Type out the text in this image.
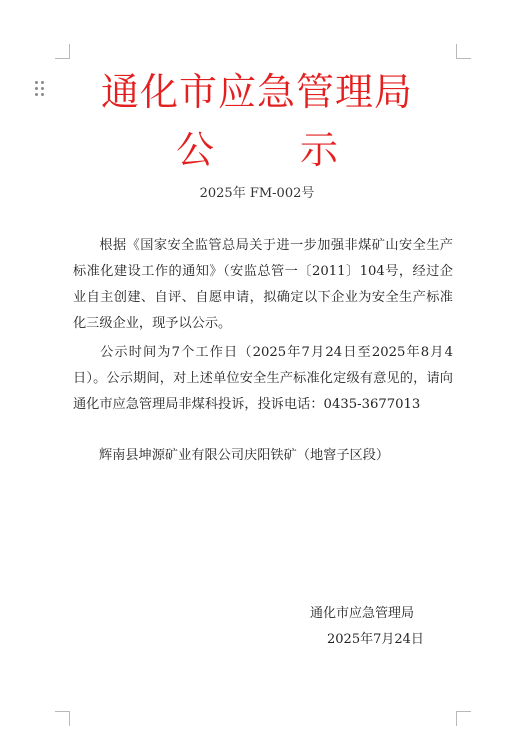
通化市应急管理局
公 示
2025年 FM-002号
根据《国家安全监管总局关于进一步加强非煤矿山安全生产标准化建设工作的通知》（安监总管一〔2011〕104号，经过企业自主创建、自评、自愿申请，拟确定以下企业为安全生产标准化三级企业，现予以公示。
公示时间为7个工作日（2025年7月24日至2025年8月4日）。公示期间，对上述单位安全生产标准化定级有意见的，请向通化市应急管理局非煤科投诉，投诉电话：0435-3677013
辉南县坤源矿业有限公司庆阳铁矿（地窨子区段）
通化市应急管理局
2025年7月24日
